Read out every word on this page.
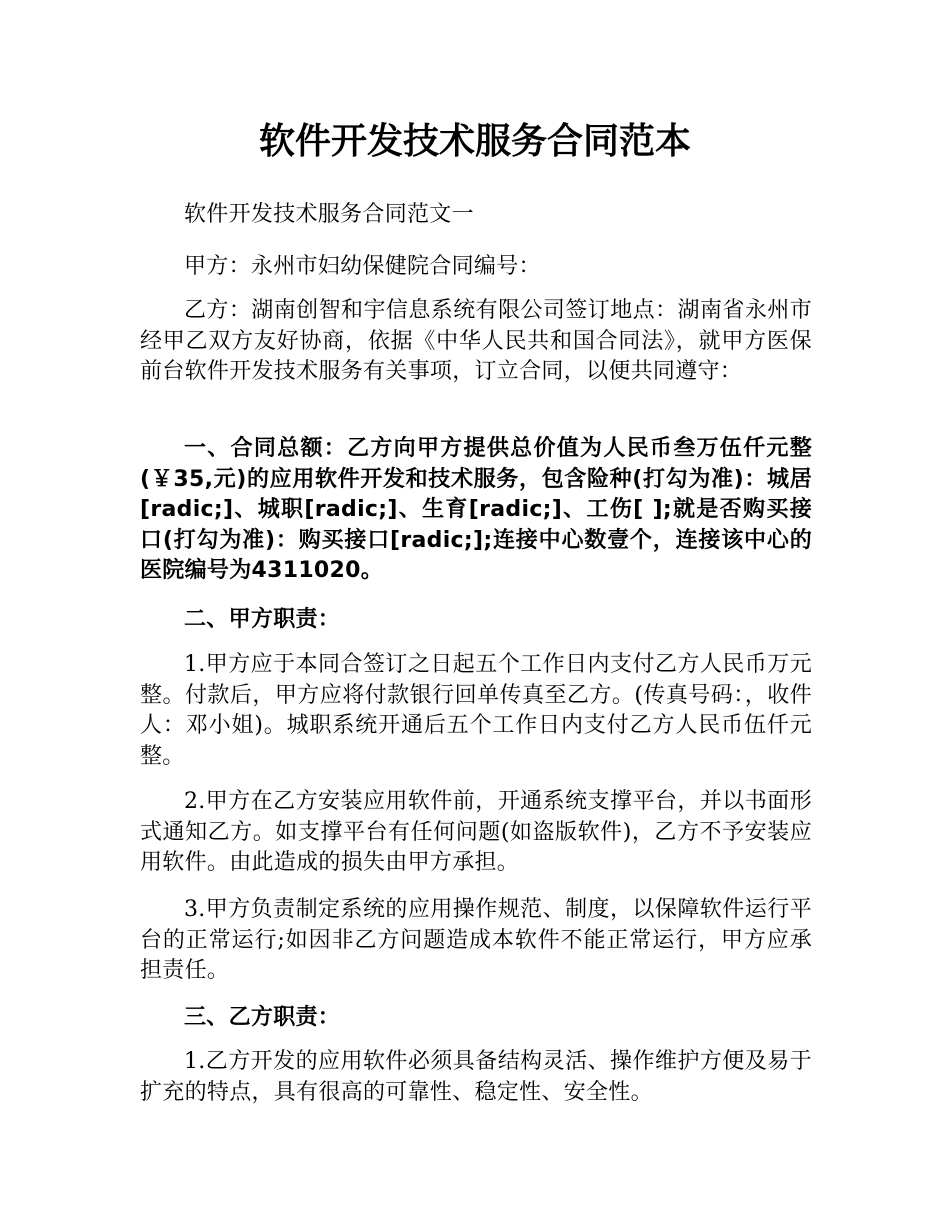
软件开发技术服务合同范本

软件开发技术服务合同范文一

甲方：永州市妇幼保健院合同编号：

乙方：湖南创智和宇信息系统有限公司签订地点：湖南省永州市经甲乙双方友好协商，依据《中华人民共和国合同法》，就甲方医保前台软件开发技术服务有关事项，订立合同，以便共同遵守：

一、合同总额：乙方向甲方提供总价值为人民币叁万伍仟元整(￥35,元)的应用软件开发和技术服务，包含险种(打勾为准)：城居[radic;]、城职[radic;]、生育[radic;]、工伤[ ];就是否购买接口(打勾为准)：购买接口[radic;];连接中心数壹个，连接该中心的医院编号为4311020。

二、甲方职责：

1.甲方应于本同合签订之日起五个工作日内支付乙方人民币万元整。付款后，甲方应将付款银行回单传真至乙方。(传真号码：，收件人：邓小姐)。城职系统开通后五个工作日内支付乙方人民币伍仟元整。

2.甲方在乙方安装应用软件前，开通系统支撑平台，并以书面形式通知乙方。如支撑平台有任何问题(如盗版软件)，乙方不予安装应用软件。由此造成的损失由甲方承担。

3.甲方负责制定系统的应用操作规范、制度，以保障软件运行平台的正常运行;如因非乙方问题造成本软件不能正常运行，甲方应承担责任。

三、乙方职责：

1.乙方开发的应用软件必须具备结构灵活、操作维护方便及易于扩充的特点，具有很高的可靠性、稳定性、安全性。
